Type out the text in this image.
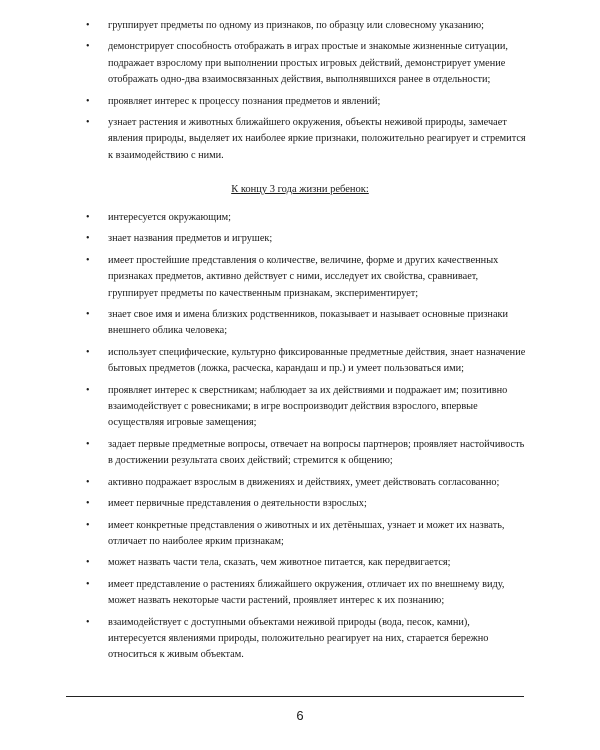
• группирует предметы по одному из признаков, по образцу или словесному указанию;
• демонстрирует способность отображать в играх простые и знакомые жизненные ситуации, подражает взрослому при выполнении простых игровых действий, демонстрирует умение отображать одно-два взаимосвязанных действия, выполнявшихся ранее в отдельности;
• проявляет интерес к процессу познания предметов и явлений;
• узнает растения и животных ближайшего окружения, объекты неживой природы, замечает явления природы, выделяет их наиболее яркие признаки, положительно реагирует и стремится к взаимодействию с ними.
К концу 3 года жизни ребенок:
• интересуется окружающим;
• знает названия предметов и игрушек;
• имеет простейшие представления о количестве, величине, форме и других качественных признаках предметов, активно действует с ними, исследует их свойства, сравнивает, группирует предметы по качественным признакам, экспериментирует;
• знает свое имя и имена близких родственников, показывает и называет основные признаки внешнего облика человека;
• использует специфические, культурно фиксированные предметные действия, знает назначение бытовых предметов (ложка, расческа, карандаш и пр.) и умеет пользоваться ими;
• проявляет интерес к сверстникам; наблюдает за их действиями и подражает им; позитивно взаимодействует с ровесниками; в игре воспроизводит действия взрослого, впервые осуществляя игровые замещения;
• задает первые предметные вопросы, отвечает на вопросы партнеров; проявляет настойчивость в достижении результата своих действий; стремится к общению;
• активно подражает взрослым в движениях и действиях, умеет действовать согласованно;
• имеет первичные представления о деятельности взрослых;
• имеет конкретные представления о животных и их детёнышах, узнает и может их назвать, отличает по наиболее ярким признакам;
• может назвать части тела, сказать, чем животное питается, как передвигается;
• имеет представление о растениях ближайшего окружения, отличает их по внешнему виду, может назвать некоторые части растений, проявляет интерес к их познанию;
• взаимодействует с доступными объектами неживой природы (вода, песок, камни), интересуется явлениями природы, положительно реагирует на них, старается бережно относиться к живым объектам.
6
